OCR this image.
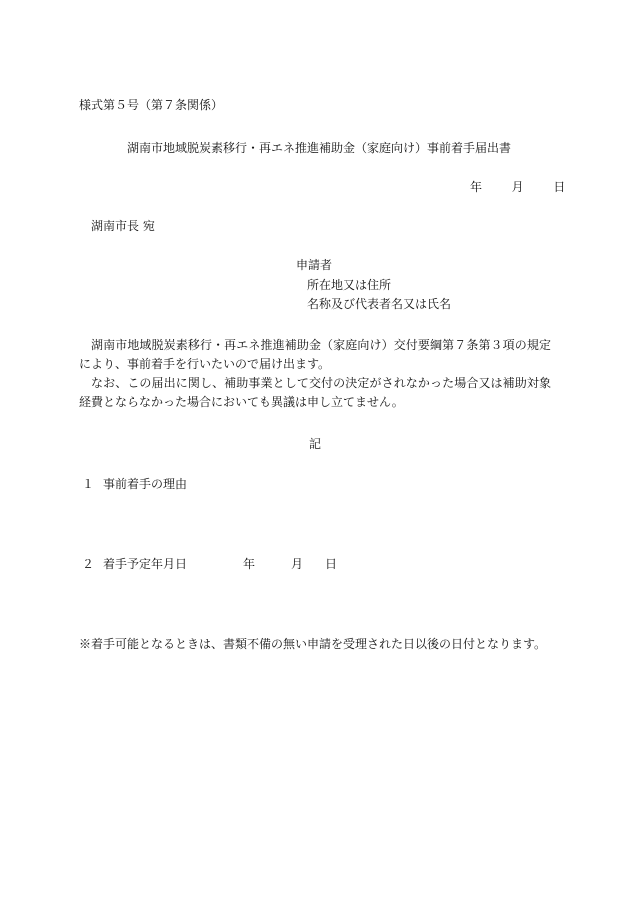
様式第５号（第７条関係）
湖南市地域脱炭素移行・再エネ推進補助金（家庭向け）事前着手届出書
年 月 日
湖南市長 宛
申請者
所在地又は住所
名称及び代表者名又は氏名
湖南市地域脱炭素移行・再エネ推進補助金（家庭向け）交付要綱第７条第３項の規定により、事前着手を行いたいので届け出ます。
なお、この届出に関し、補助事業として交付の決定がされなかった場合又は補助対象経費とならなかった場合においても異議は申し立てません。
記
１ 事前着手の理由
２ 着手予定年月日	年	月 日
※着手可能となるときは、書類不備の無い申請を受理された日以後の日付となります。
